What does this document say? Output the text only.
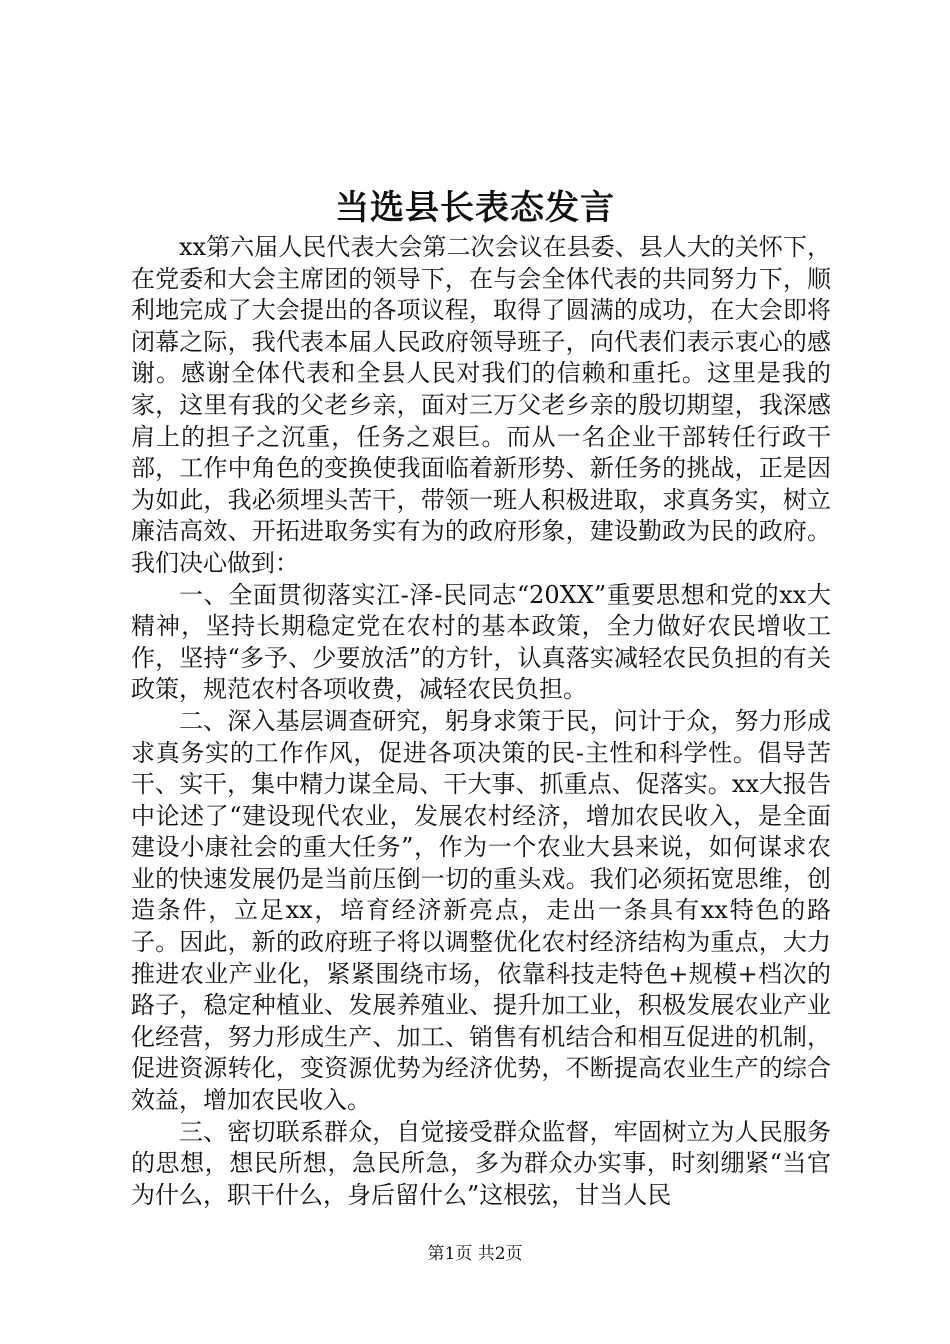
当选县长表态发言

xx第六届人民代表大会第二次会议在县委、县人大的关怀下，在党委和大会主席团的领导下，在与会全体代表的共同努力下，顺利地完成了大会提出的各项议程，取得了圆满的成功，在大会即将闭幕之际，我代表本届人民政府领导班子，向代表们表示衷心的感谢。感谢全体代表和全县人民对我们的信赖和重托。这里是我的家，这里有我的父老乡亲，面对三万父老乡亲的殷切期望，我深感肩上的担子之沉重，任务之艰巨。而从一名企业干部转任行政干部，工作中角色的变换使我面临着新形势、新任务的挑战，正是因为如此，我必须埋头苦干，带领一班人积极进取，求真务实，树立廉洁高效、开拓进取务实有为的政府形象，建设勤政为民的政府。我们决心做到：

一、全面贯彻落实江-泽-民同志“20XX”重要思想和党的xx大精神，坚持长期稳定党在农村的基本政策，全力做好农民增收工作，坚持“多予、少要放活”的方针，认真落实减轻农民负担的有关政策，规范农村各项收费，减轻农民负担。

二、深入基层调查研究，躬身求策于民，问计于众，努力形成求真务实的工作作风，促进各项决策的民-主性和科学性。倡导苦干、实干，集中精力谋全局、干大事、抓重点、促落实。xx大报告中论述了“建设现代农业，发展农村经济，增加农民收入，是全面建设小康社会的重大任务”，作为一个农业大县来说，如何谋求农业的快速发展仍是当前压倒一切的重头戏。我们必须拓宽思维，创造条件，立足xx，培育经济新亮点，走出一条具有xx特色的路子。因此，新的政府班子将以调整优化农村经济结构为重点，大力推进农业产业化，紧紧围绕市场，依靠科技走特色+规模+档次的路子，稳定种植业、发展养殖业、提升加工业，积极发展农业产业化经营，努力形成生产、加工、销售有机结合和相互促进的机制，促进资源转化，变资源优势为经济优势，不断提高农业生产的综合效益，增加农民收入。

三、密切联系群众，自觉接受群众监督，牢固树立为人民服务的思想，想民所想，急民所急，多为群众办实事，时刻绷紧“当官为什么，职干什么，身后留什么”这根弦，甘当人民

第1页 共2页
